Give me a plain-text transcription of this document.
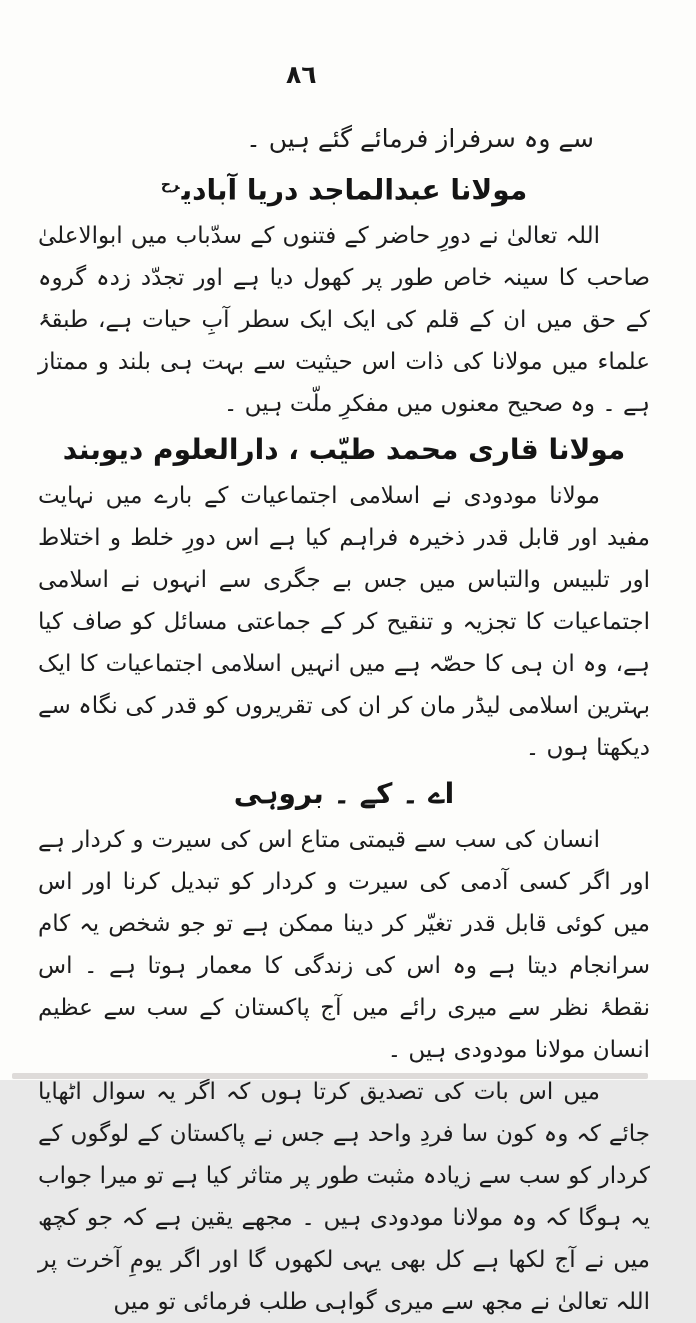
٨٦

سے وہ سرفراز فرمائے گئے ہیں ۔

مولانا عبدالماجد دریا آبادی$^{رح}$

اللہ تعالیٰ نے دورِ حاضر کے فتنوں کے سدّباب میں ابوالاعلیٰ صاحب کا سینہ خاص طور پر کھول دیا ہے اور تجدّد زدہ گروہ کے حق میں ان کے قلم کی ایک ایک سطر آبِ حیات ہے، طبقۂ علماء میں مولانا کی ذات اس حیثیت سے بہت ہی بلند و ممتاز ہے ۔ وہ صحیح معنوں میں مفکرِ ملّت ہیں ۔

مولانا قاری محمد طیّب ، دارالعلوم دیوبند

مولانا مودودی نے اسلامی اجتماعیات کے بارے میں نہایت مفید اور قابل قدر ذخیرہ فراہم کیا ہے اس دورِ خلط و اختلاط اور تلبیس والتباس میں جس بے جگری سے انہوں نے اسلامی اجتماعیات کا تجزیہ و تنقیح کر کے جماعتی مسائل کو صاف کیا ہے، وہ ان ہی کا حصّہ ہے میں انہیں اسلامی اجتماعیات کا ایک بہترین اسلامی لیڈر مان کر ان کی تقریروں کو قدر کی نگاہ سے دیکھتا ہوں ۔

اے ۔ کے ۔ بروہی

انسان کی سب سے قیمتی متاع اس کی سیرت و کردار ہے اور اگر کسی آدمی کی سیرت و کردار کو تبدیل کرنا اور اس میں کوئی قابل قدر تغیّر کر دینا ممکن ہے تو جو شخص یہ کام سرانجام دیتا ہے وہ اس کی زندگی کا معمار ہوتا ہے ۔ اس نقطۂ نظر سے میری رائے میں آج پاکستان کے سب سے عظیم انسان مولانا مودودی ہیں ۔

میں اس بات کی تصدیق کرتا ہوں کہ اگر یہ سوال اٹھایا جائے کہ وہ کون سا فردِ واحد ہے جس نے پاکستان کے لوگوں کے کردار کو سب سے زیادہ مثبت طور پر متاثر کیا ہے تو میرا جواب یہ ہوگا کہ وہ مولانا مودودی ہیں ۔ مجھے یقین ہے کہ جو کچھ میں نے آج لکھا ہے کل بھی یہی لکھوں گا اور اگر یومِ آخرت پر اللہ تعالیٰ نے مجھ سے میری گواہی طلب فرمائی تو میں
